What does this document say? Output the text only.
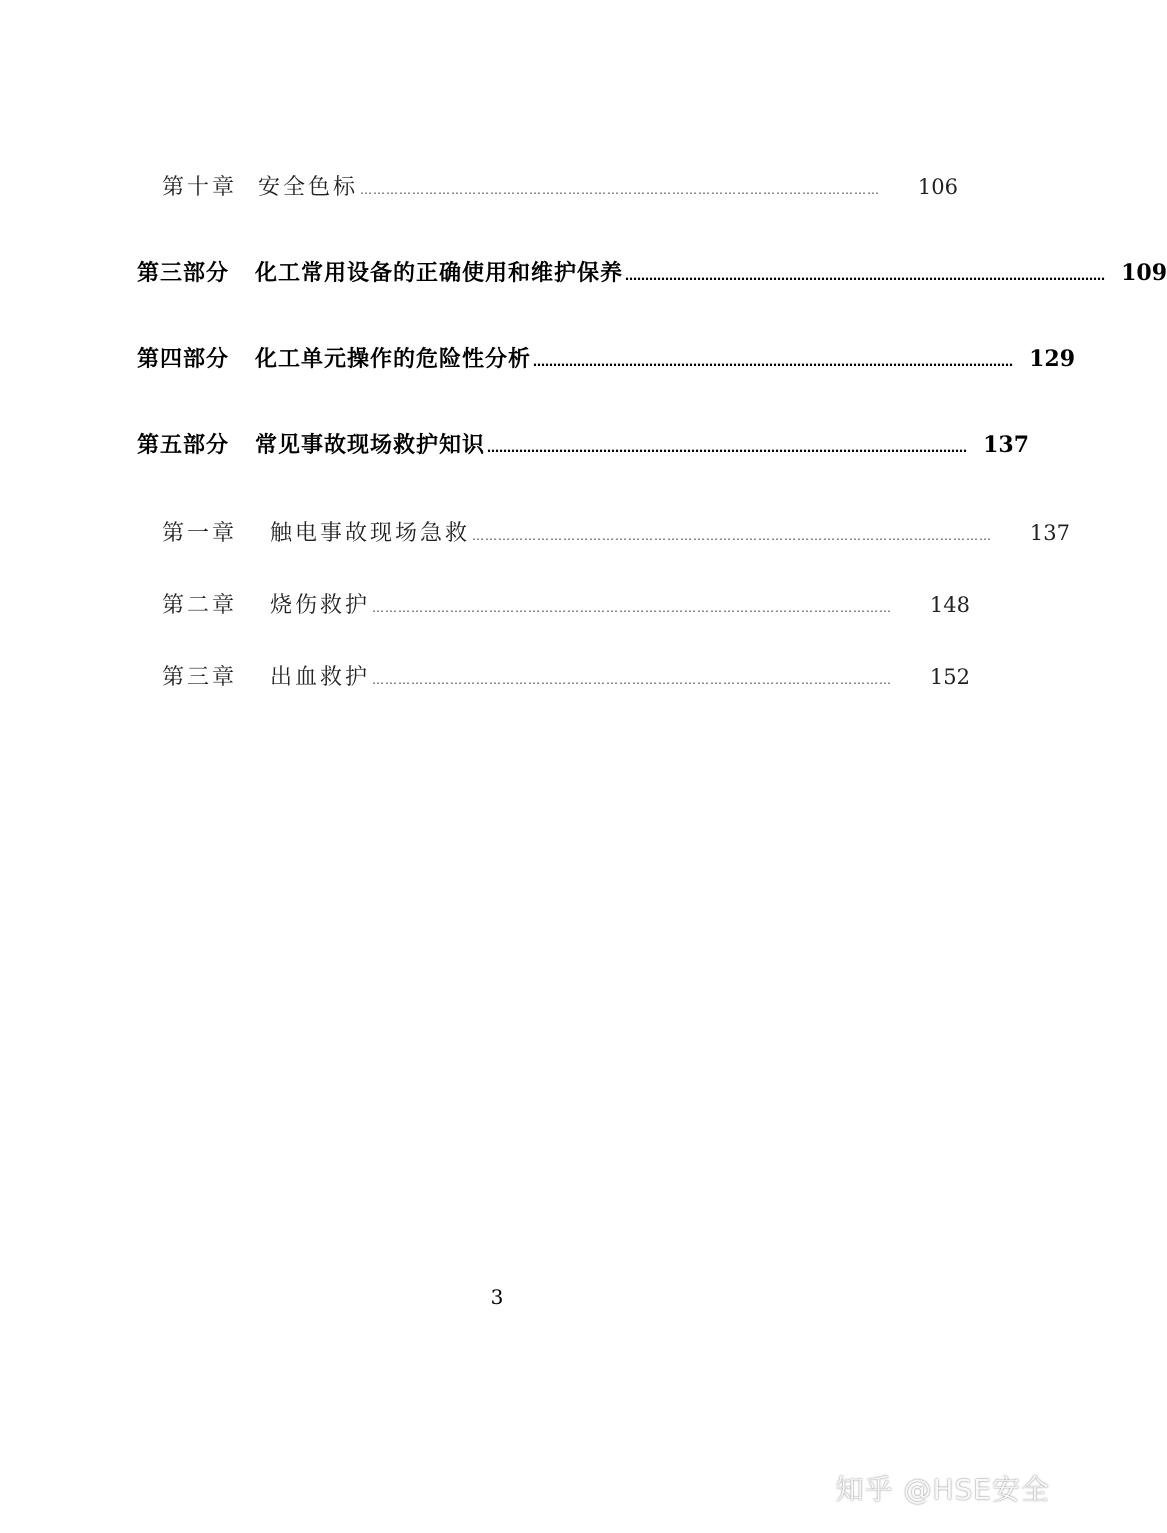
第十章 安全色标 …………………………………………………………………………………………………………	106
第三部分	化工常用设备的正确使用和维护保养 ………………………………………………………………………………………………………… 109
第四部分	化工单元操作的危险性分析 ………………………………………………………………………………………………………… 129
第五部分	常见事故现场救护知识 ………………………………………………………………………………………………………… 137
第一章	触电事故现场急救 …………………………………………………………………………………………………………	137
第二章	烧伤救护 …………………………………………………………………………………………………………	148
第三章	出血救护 …………………………………………………………………………………………………………	152
3
知乎 @HSE安全
